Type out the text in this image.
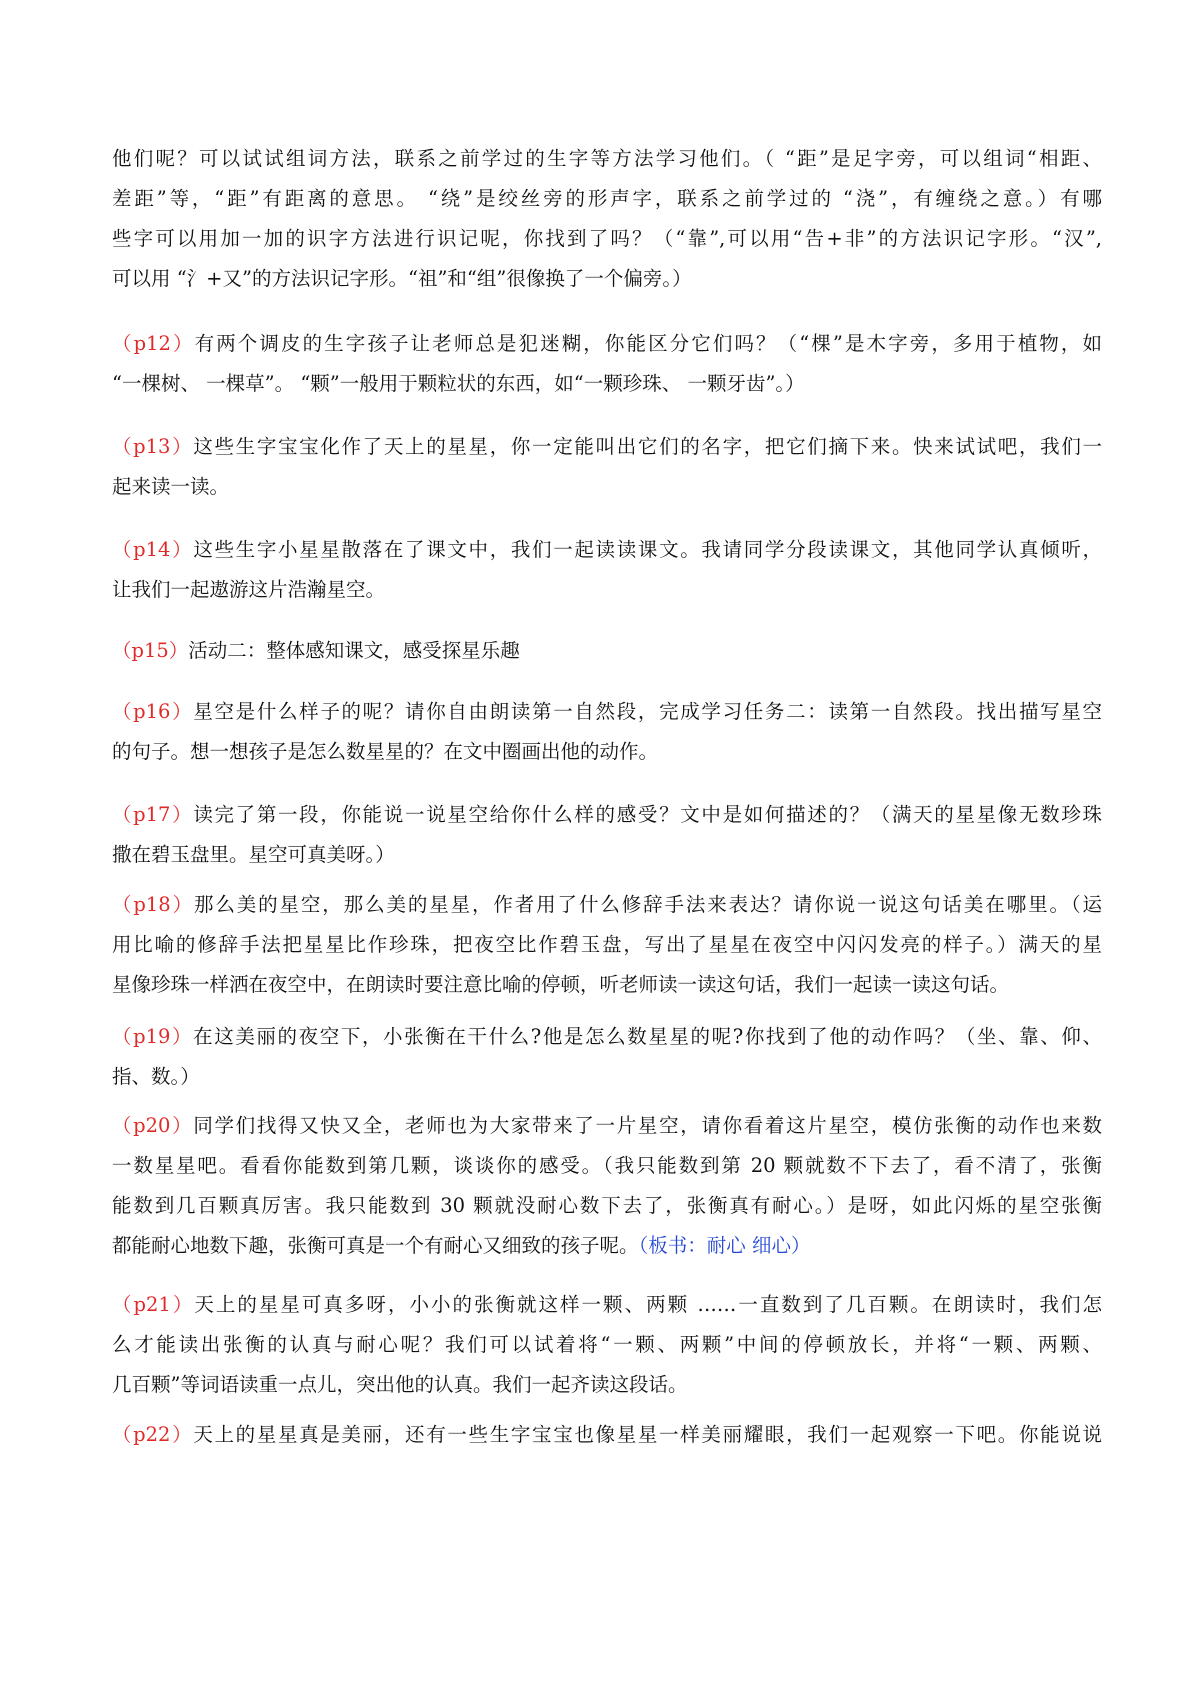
他们呢？可以试试组词方法，联系之前学过的生字等方法学习他们。（ “距”是足字旁，可以组词“相距、
差距”等，“距”有距离的意思。 “绕”是绞丝旁的形声字，联系之前学过的 “浇”，有缠绕之意。）有哪
些字可以用加一加的识字方法进行识记呢，你找到了吗？（“靠”,可以用“告+非”的方法识记字形。“汉”,
可以用 “氵+又”的方法识记字形。“祖”和“组”很像换了一个偏旁。）
（p12）有两个调皮的生字孩子让老师总是犯迷糊，你能区分它们吗？（“棵”是木字旁，多用于植物，如
“一棵树、 一棵草”。 “颗”一般用于颗粒状的东西，如“一颗珍珠、 一颗牙齿”。）
（p13）这些生字宝宝化作了天上的星星，你一定能叫出它们的名字，把它们摘下来。快来试试吧，我们一
起来读一读。
（p14）这些生字小星星散落在了课文中，我们一起读读课文。我请同学分段读课文，其他同学认真倾听，
让我们一起遨游这片浩瀚星空。
（p15）活动二：整体感知课文，感受探星乐趣
（p16）星空是什么样子的呢？请你自由朗读第一自然段，完成学习任务二：读第一自然段。找出描写星空
的句子。想一想孩子是怎么数星星的？在文中圈画出他的动作。
（p17）读完了第一段，你能说一说星空给你什么样的感受？文中是如何描述的？（满天的星星像无数珍珠
撒在碧玉盘里。星空可真美呀。）
（p18）那么美的星空，那么美的星星，作者用了什么修辞手法来表达？请你说一说这句话美在哪里。（运
用比喻的修辞手法把星星比作珍珠，把夜空比作碧玉盘，写出了星星在夜空中闪闪发亮的样子。）满天的星
星像珍珠一样洒在夜空中，在朗读时要注意比喻的停顿，听老师读一读这句话，我们一起读一读这句话。
（p19）在这美丽的夜空下，小张衡在干什么?他是怎么数星星的呢?你找到了他的动作吗？（坐、靠、仰、
指、数。）
（p20）同学们找得又快又全，老师也为大家带来了一片星空，请你看着这片星空，模仿张衡的动作也来数
一数星星吧。看看你能数到第几颗，谈谈你的感受。（我只能数到第 20 颗就数不下去了，看不清了，张衡
能数到几百颗真厉害。我只能数到 30 颗就没耐心数下去了，张衡真有耐心。）是呀，如此闪烁的星空张衡
都能耐心地数下趣，张衡可真是一个有耐心又细致的孩子呢。（板书：耐心 细心）
（p21）天上的星星可真多呀，小小的张衡就这样一颗、两颗 ……一直数到了几百颗。在朗读时，我们怎
么才能读出张衡的认真与耐心呢？我们可以试着将“一颗、两颗”中间的停顿放长，并将“一颗、两颗、
几百颗”等词语读重一点儿，突出他的认真。我们一起齐读这段话。
（p22）天上的星星真是美丽，还有一些生字宝宝也像星星一样美丽耀眼，我们一起观察一下吧。你能说说
